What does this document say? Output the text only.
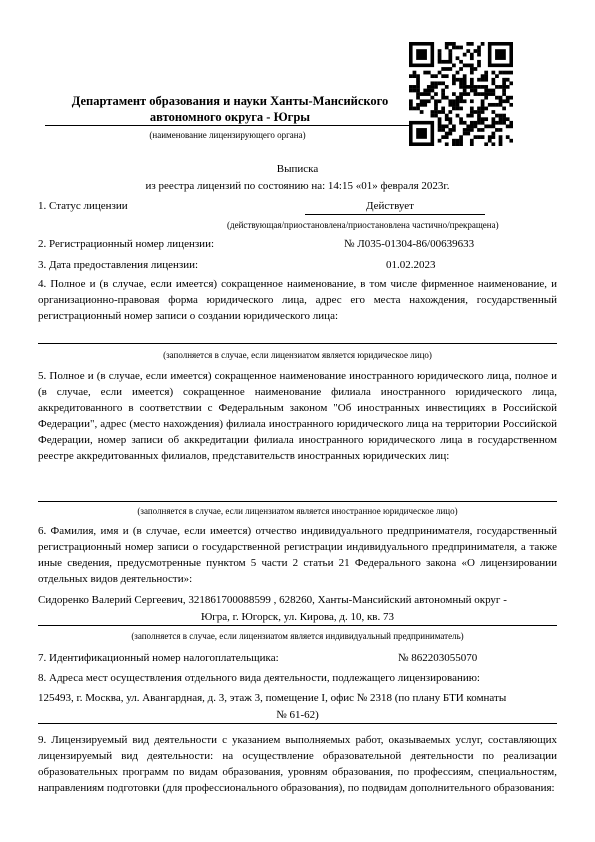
Департамент образования и науки Ханты-Мансийского
автономного округа - Югры
(наименование лицензирующего органа)
Выписка
из реестра лицензий по состоянию на: 14:15 «01» февраля 2023г.
1. Статус лицензии	Действует
(действующая/приостановлена/приостановлена частично/прекращена)
2. Регистрационный номер лицензии:	№ Л035-01304-86/00639633
3. Дата предоставления лицензии:	01.02.2023
4. Полное и (в случае, если имеется) сокращенное наименование, в том числе фирменное наименование, и организационно-правовая форма юридического лица, адрес его места нахождения, государственный регистрационный номер записи о создании юридического лица:
(заполняется в случае, если лицензиатом является юридическое лицо)
5. Полное и (в случае, если имеется) сокращенное наименование иностранного юридического лица, полное и (в случае, если имеется) сокращенное наименование филиала иностранного юридического лица, аккредитованного в соответствии с Федеральным законом "Об иностранных инвестициях в Российской Федерации", адрес (место нахождения) филиала иностранного юридического лица на территории Российской Федерации, номер записи об аккредитации филиала иностранного юридического лица в государственном реестре аккредитованных филиалов, представительств иностранных юридических лиц:
(заполняется в случае, если лицензиатом является иностранное юридическое лицо)
6. Фамилия, имя и (в случае, если имеется) отчество индивидуального предпринимателя, государственный регистрационный номер записи о государственной регистрации индивидуального предпринимателя, а также иные сведения, предусмотренные пунктом 5 части 2 статьи 21 Федерального закона «О лицензировании отдельных видов деятельности»:
Сидоренко Валерий Сергеевич, 321861700088599 , 628260, Ханты-Мансийский автономный округ -
Югра, г. Югорск, ул. Кирова, д. 10, кв. 73
(заполняется в случае, если лицензиатом является индивидуальный предприниматель)
7. Идентификационный номер налогоплательщика:	№ 862203055070
8. Адреса мест осуществления отдельного вида деятельности, подлежащего лицензированию:
125493, г. Москва, ул. Авангардная, д. 3, этаж 3, помещение I, офис № 2318 (по плану БТИ комнаты
№ 61-62)
9. Лицензируемый вид деятельности с указанием выполняемых работ, оказываемых услуг, составляющих лицензируемый вид деятельности: на осуществление образовательной деятельности по реализации образовательных программ по видам образования, уровням образования, по профессиям, специальностям, направлениям подготовки (для профессионального образования), по подвидам дополнительного образования:
